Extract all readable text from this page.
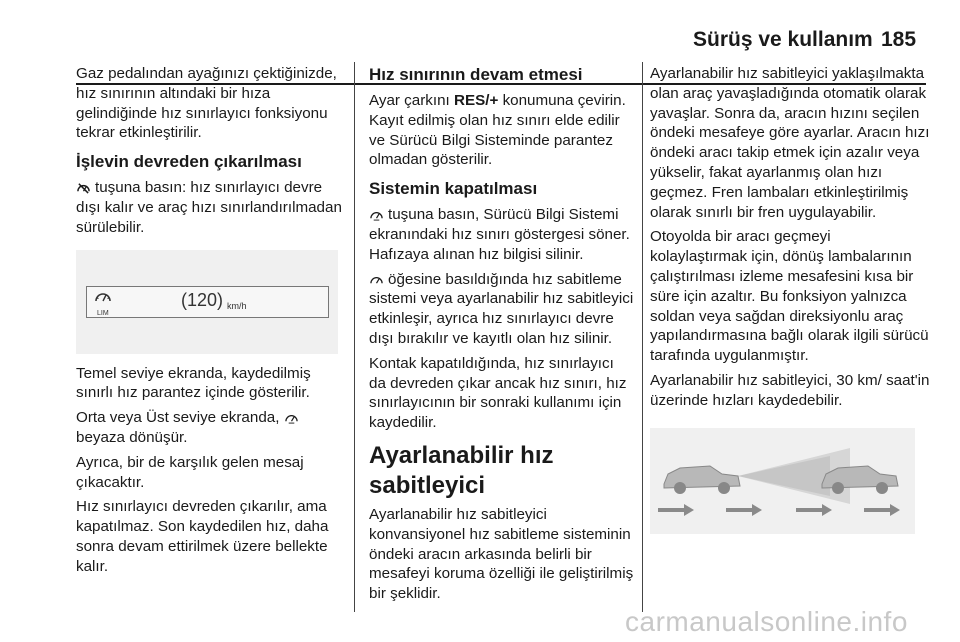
Sürüş ve kullanım 185

Gaz pedalından ayağınızı çektiğinizde, hız sınırının altındaki bir hıza gelindiğinde hız sınırlayıcı fonksiyonu tekrar etkinleştirilir.

İşlevin devreden çıkarılması

tuşuna basın: hız sınırlayıcı devre dışı kalır ve araç hızı sınırlandırılmadan sürülebilir.

LIM
(120) km/h

Temel seviye ekranda, kaydedilmiş sınırlı hız parantez içinde gösterilir.

Orta veya Üst seviye ekranda,  beyaza dönüşür.

Ayrıca, bir de karşılık gelen mesaj çıkacaktır.

Hız sınırlayıcı devreden çıkarılır, ama kapatılmaz. Son kaydedilen hız, daha sonra devam ettirilmek üzere bellekte kalır.

Hız sınırının devam etmesi

Ayar çarkını RES/+ konumuna çevirin. Kayıt edilmiş olan hız sınırı elde edilir ve Sürücü Bilgi Sisteminde parantez olmadan gösterilir.

Sistemin kapatılması

tuşuna basın, Sürücü Bilgi Sistemi ekranındaki hız sınırı göstergesi söner. Hafızaya alınan hız bilgisi silinir.

öğesine basıldığında hız sabitleme sistemi veya ayarlanabilir hız sabitleyici etkinleşir, ayrıca hız sınırlayıcı devre dışı bırakılır ve kayıtlı olan hız silinir.

Kontak kapatıldığında, hız sınırlayıcı da devreden çıkar ancak hız sınırı, hız sınırlayıcının bir sonraki kullanımı için kaydedilir.

Ayarlanabilir hız sabitleyici

Ayarlanabilir hız sabitleyici konvansiyonel hız sabitleme sisteminin öndeki aracın arkasında belirli bir mesafeyi koruma özelliği ile geliştirilmiş bir şeklidir.

Ayarlanabilir hız sabitleyici yaklaşılmakta olan araç yavaşladığında otomatik olarak yavaşlar. Sonra da, aracın hızını seçilen öndeki mesafeye göre ayarlar. Aracın hızı öndeki aracı takip etmek için azalır veya yükselir, fakat ayarlanmış olan hızı geçmez. Fren lambaları etkinleştirilmiş olarak sınırlı bir fren uygulayabilir.

Otoyolda bir aracı geçmeyi kolaylaştırmak için, dönüş lambalarının çalıştırılması izleme mesafesini kısa bir süre için azaltır. Bu fonksiyon yalnızca soldan veya sağdan direksiyonlu araç yapılandırmasına bağlı olarak ilgili sürücü tarafında uygulanmıştır.

Ayarlanabilir hız sabitleyici, 30 km/ saat'in üzerinde hızları kaydedebilir.

carmanualsonline.info
